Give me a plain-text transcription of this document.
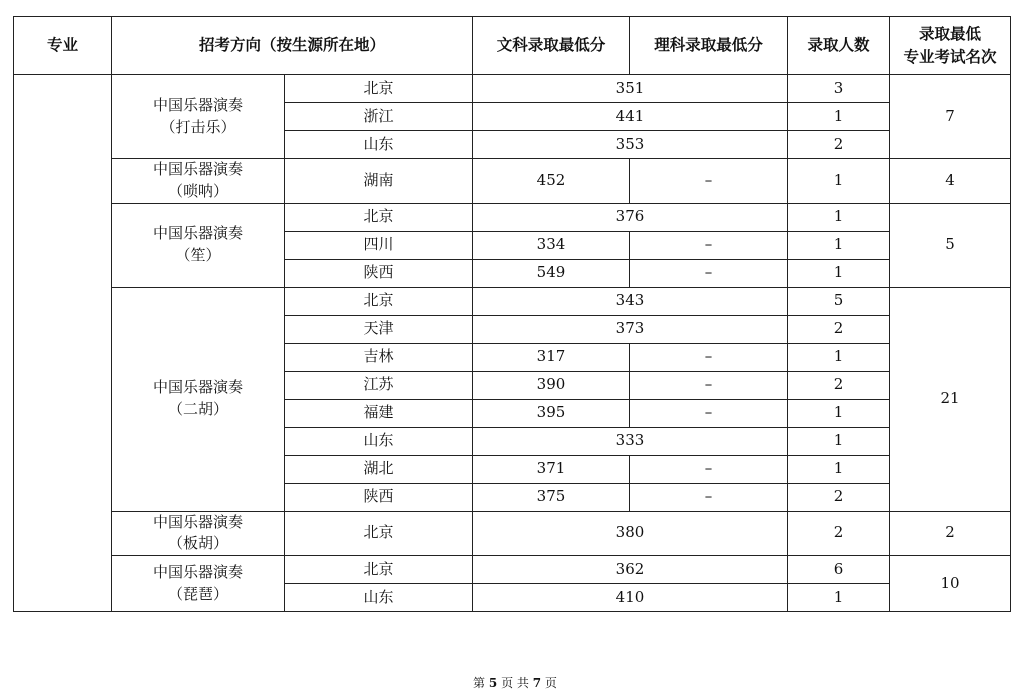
专业	招考方向（按生源所在地）		文科录取最低分	理科录取最低分	录取人数	录取最低
专业考试名次
	中国乐器演奏
（打击乐）	北京	351		3	7
		浙江	441		1	
		山东	353		2	
	中国乐器演奏
（唢呐）	湖南	452	–	1	4
	中国乐器演奏
（笙）	北京	376		1	5
		四川	334	–	1	
		陕西	549	–	1	
	中国乐器演奏
（二胡）	北京	343		5	21
		天津	373		2	
		吉林	317	–	1	
		江苏	390	–	2	
		福建	395	–	1	
		山东	333		1	
		湖北	371	–	1	
		陕西	375	–	2	
	中国乐器演奏
（板胡）	北京	380		2	2
	中国乐器演奏
（琵琶）	北京	362		6	10
		山东	410		1	
第 5 页 共 7 页
